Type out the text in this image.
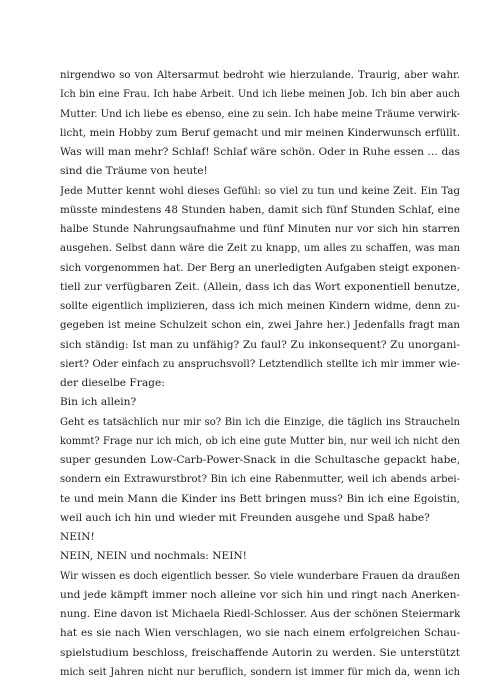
nirgendwo so von Altersarmut bedroht wie hierzulande. Traurig, aber wahr.
Ich bin eine Frau. Ich habe Arbeit. Und ich liebe meinen Job. Ich bin aber auch
Mutter. Und ich liebe es ebenso, eine zu sein. Ich habe meine Träume verwirk-
licht, mein Hobby zum Beruf gemacht und mir meinen Kinderwunsch erfüllt.
Was will man mehr? Schlaf! Schlaf wäre schön. Oder in Ruhe essen … das
sind die Träume von heute!
Jede Mutter kennt wohl dieses Gefühl: so viel zu tun und keine Zeit. Ein Tag
müsste mindestens 48 Stunden haben, damit sich fünf Stunden Schlaf, eine
halbe Stunde Nahrungsaufnahme und fünf Minuten nur vor sich hin starren
ausgehen. Selbst dann wäre die Zeit zu knapp, um alles zu schaffen, was man
sich vorgenommen hat. Der Berg an unerledigten Aufgaben steigt exponen-
tiell zur verfügbaren Zeit. (Allein, dass ich das Wort exponentiell benutze,
sollte eigentlich implizieren, dass ich mich meinen Kindern widme, denn zu-
gegeben ist meine Schulzeit schon ein, zwei Jahre her.) Jedenfalls fragt man
sich ständig: Ist man zu unfähig? Zu faul? Zu inkonsequent? Zu unorgani-
siert? Oder einfach zu anspruchsvoll? Letztendlich stellte ich mir immer wie-
der dieselbe Frage:
Bin ich allein?
Geht es tatsächlich nur mir so? Bin ich die Einzige, die täglich ins Straucheln
kommt? Frage nur ich mich, ob ich eine gute Mutter bin, nur weil ich nicht den
super gesunden Low-Carb-Power-Snack in die Schultasche gepackt habe,
sondern ein Extrawurstbrot? Bin ich eine Rabenmutter, weil ich abends arbei-
te und mein Mann die Kinder ins Bett bringen muss? Bin ich eine Egoistin,
weil auch ich hin und wieder mit Freunden ausgehe und Spaß habe?
NEIN!
NEIN, NEIN und nochmals: NEIN!
Wir wissen es doch eigentlich besser. So viele wunderbare Frauen da draußen
und jede kämpft immer noch alleine vor sich hin und ringt nach Anerken-
nung. Eine davon ist Michaela Riedl-Schlosser. Aus der schönen Steiermark
hat es sie nach Wien verschlagen, wo sie nach einem erfolgreichen Schau-
spielstudium beschloss, freischaffende Autorin zu werden. Sie unterstützt
mich seit Jahren nicht nur beruflich, sondern ist immer für mich da, wenn ich
